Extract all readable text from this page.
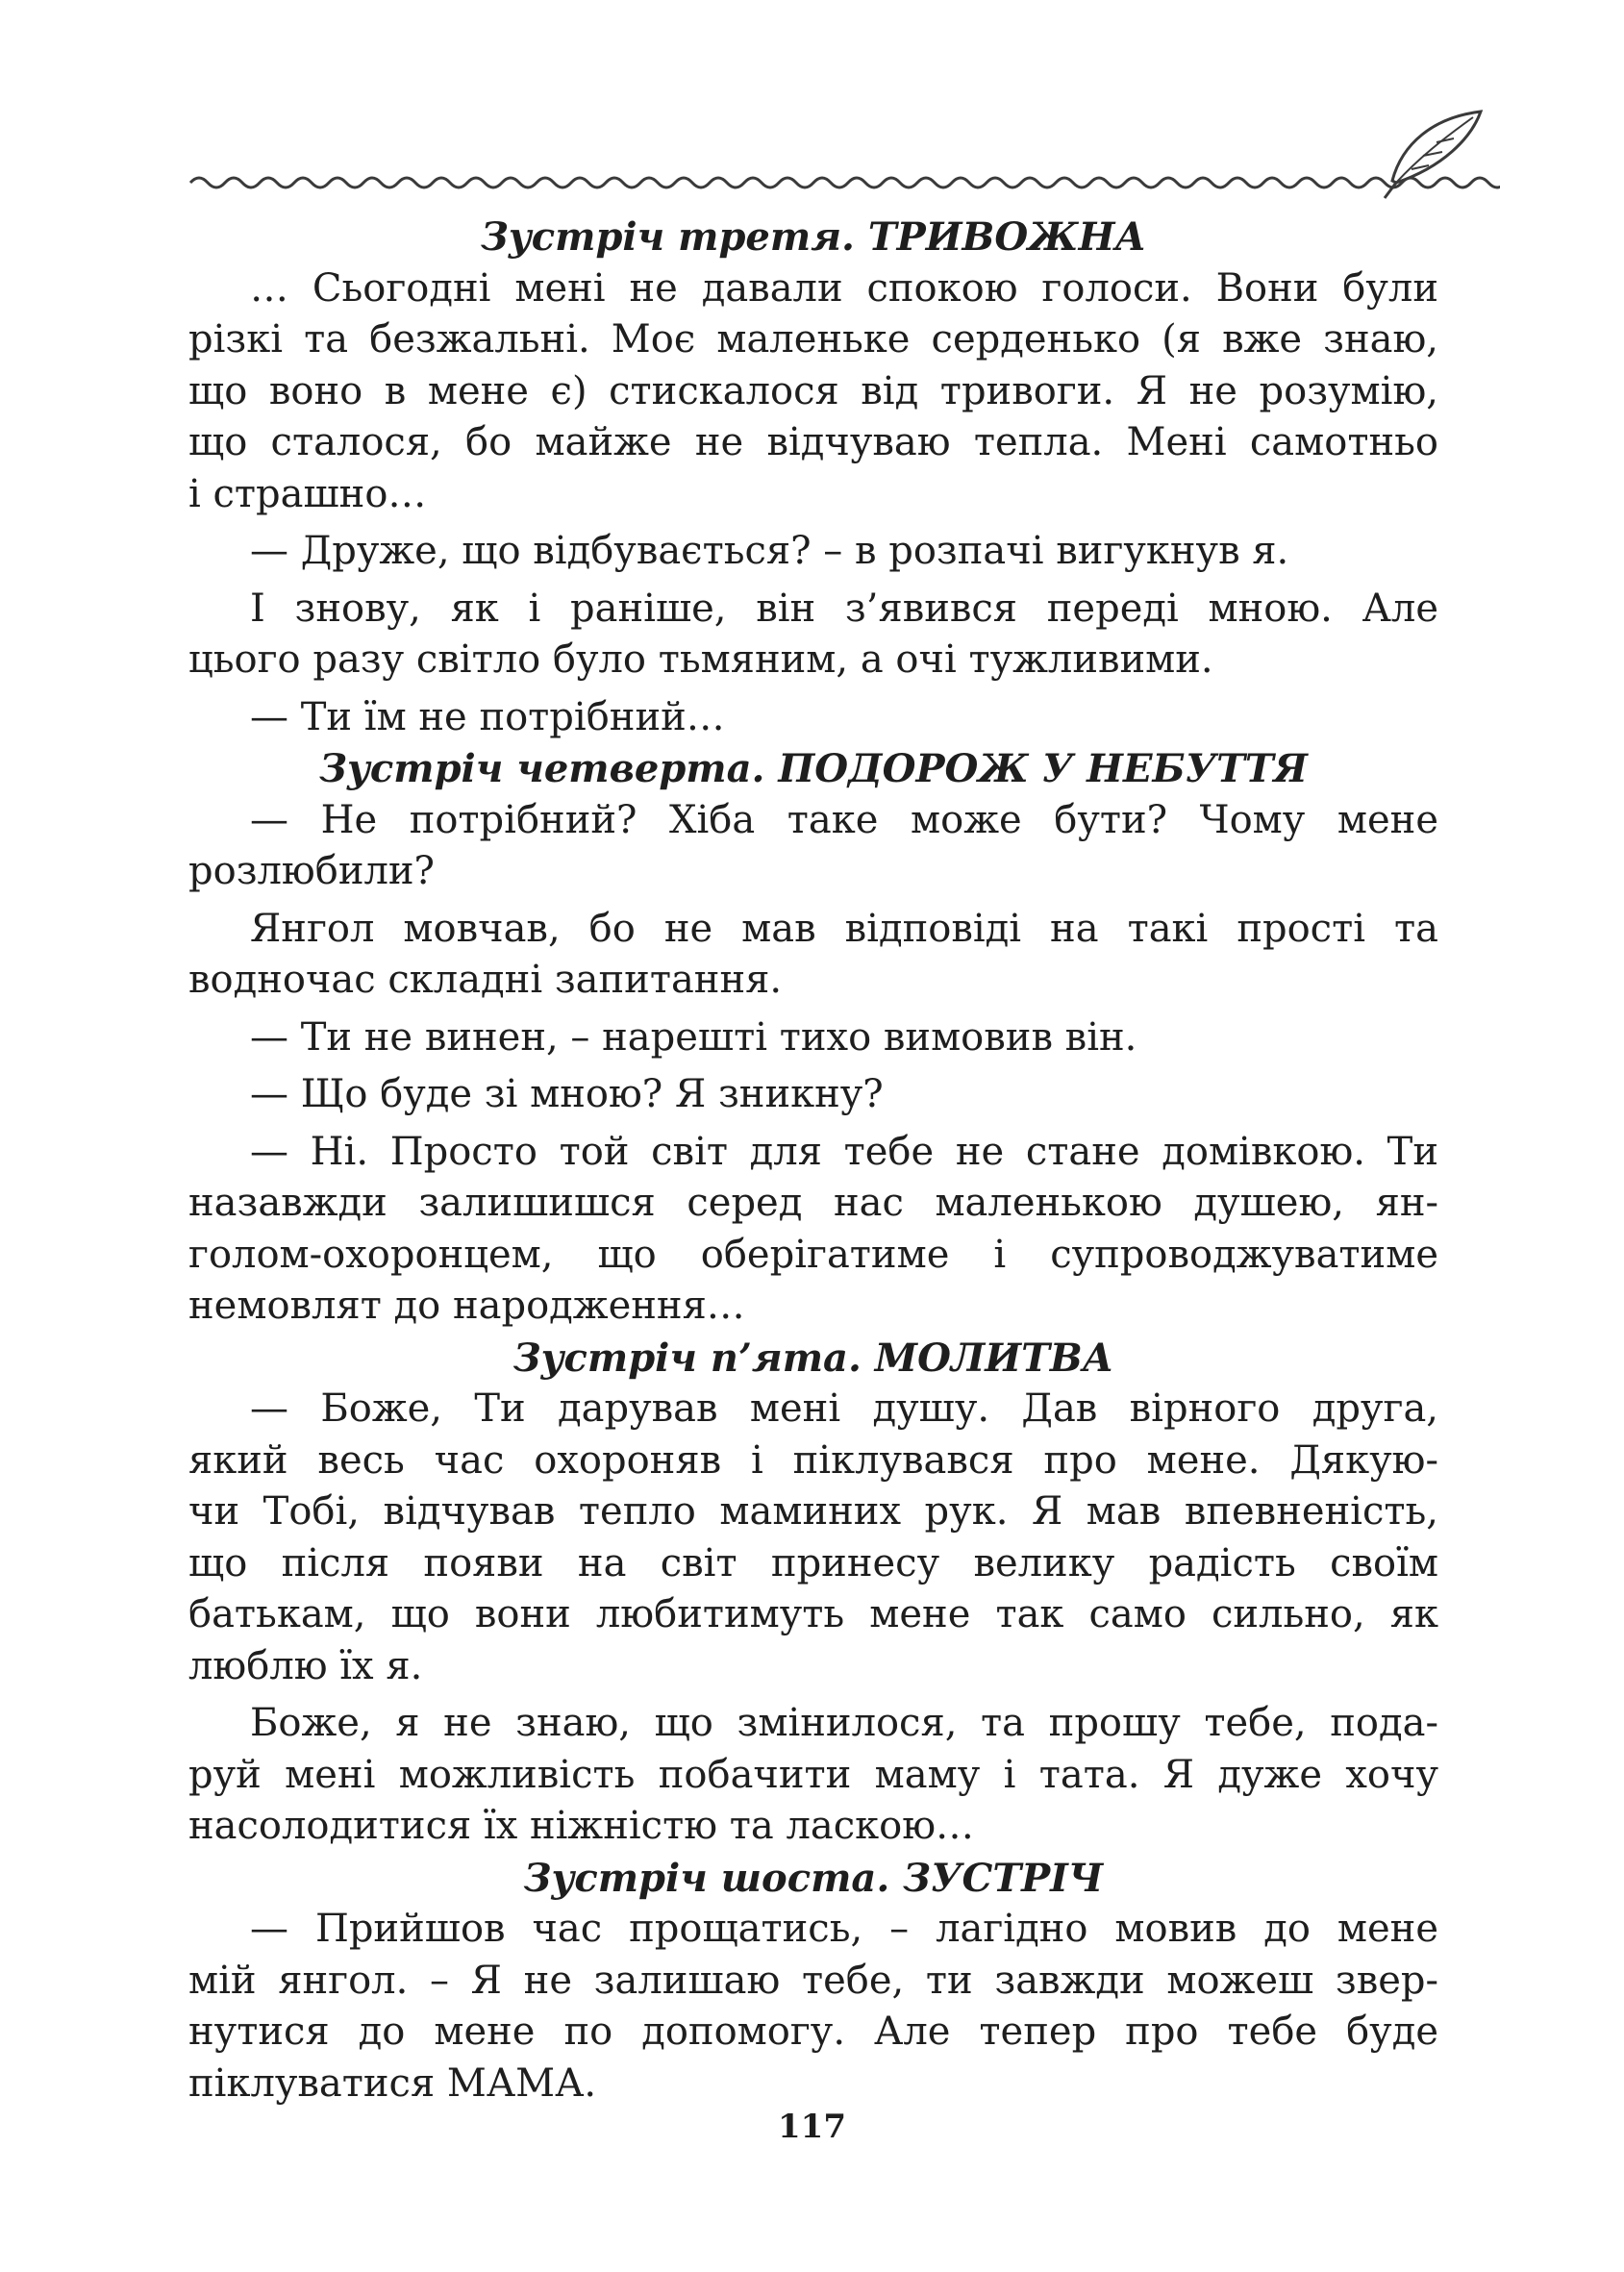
Зустріч третя. ТРИВОЖНА
… Сьогодні мені не давали спокою голоси. Вони були
різкі та безжальні. Моє маленьке серденько (я вже знаю,
що воно в мене є) стискалося від тривоги. Я не розумію,
що сталося, бо майже не відчуваю тепла. Мені самотньо
і страшно…
— Друже, що відбувається? – в розпачі вигукнув я.
І знову, як і раніше, він з’явився переді мною. Але
цього разу світло було тьмяним, а очі тужливими.
— Ти їм не потрібний…
Зустріч четверта. ПОДОРОЖ У НЕБУТТЯ
— Не потрібний? Хіба таке може бути? Чому мене
розлюбили?
Янгол мовчав, бо не мав відповіді на такі прості та
водночас складні запитання.
— Ти не винен, – нарешті тихо вимовив він.
— Що буде зі мною? Я зникну?
— Ні. Просто той світ для тебе не стане домівкою. Ти
назавжди залишишся серед нас маленькою душею, ян-
голом-охоронцем, що оберігатиме і супроводжуватиме
немовлят до народження…
Зустріч п’ята. МОЛИТВА
— Боже, Ти дарував мені душу. Дав вірного друга,
який весь час охороняв і піклувався про мене. Дякую-
чи Тобі, відчував тепло маминих рук. Я мав впевненість,
що після появи на світ принесу велику радість своїм
батькам, що вони любитимуть мене так само сильно, як
люблю їх я.
Боже, я не знаю, що змінилося, та прошу тебе, пода-
руй мені можливість побачити маму і тата. Я дуже хочу
насолодитися їх ніжністю та ласкою…
Зустріч шоста. ЗУСТРІЧ
— Прийшов час прощатись, – лагідно мовив до мене
мій янгол. – Я не залишаю тебе, ти завжди можеш звер-
нутися до мене по допомогу. Але тепер про тебе буде
піклуватися МАМА.
117
